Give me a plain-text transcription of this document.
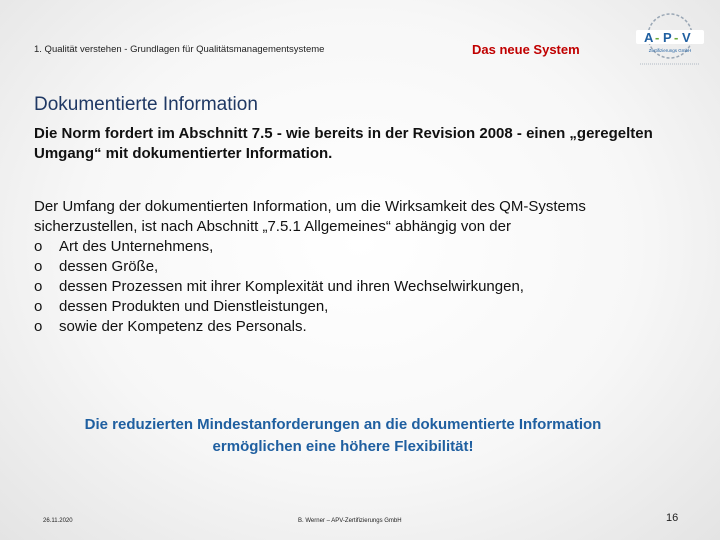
1. Qualität verstehen - Grundlagen für Qualitätsmanagementsysteme	Das neue System
A - P - V
Zertifizierungs GmbH
Dokumentierte Information
Die Norm fordert im Abschnitt 7.5 - wie bereits in der Revision 2008 - einen „geregelten Umgang“ mit dokumentierter Information.
Der Umfang der dokumentierten Information, um die Wirksamkeit des QM-Systems sicherzustellen, ist nach Abschnitt „7.5.1 Allgemeines“ abhängig von der
o	Art des Unternehmens,
o	dessen Größe,
o	dessen Prozessen mit ihrer Komplexität und ihren Wechselwirkungen,
o	dessen Produkten und Dienstleistungen,
o	sowie der Kompetenz des Personals.
Die reduzierten Mindestanforderungen an die dokumentierte Information ermöglichen eine höhere Flexibilität!
26.11.2020	B. Werner – APV-Zertifizierungs GmbH	16
